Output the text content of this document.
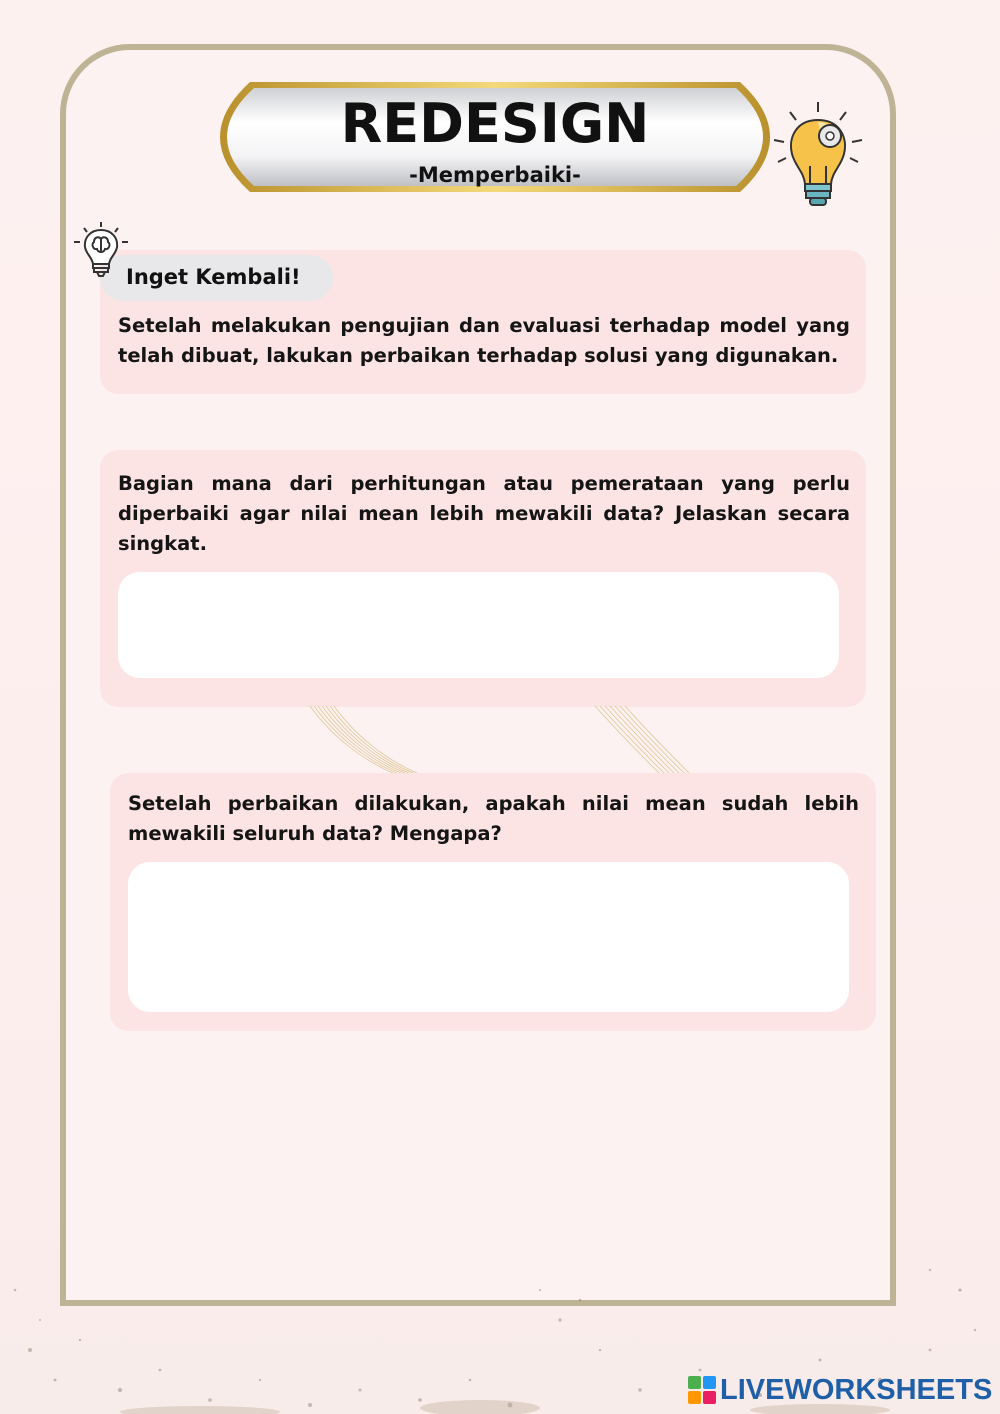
REDESIGN
-Memperbaiki-
Inget Kembali!

Setelah melakukan pengujian dan evaluasi terhadap model yang telah dibuat, lakukan perbaikan terhadap solusi yang digunakan.

Bagian mana dari perhitungan atau pemerataan yang perlu diperbaiki agar nilai mean lebih mewakili data? Jelaskan secara singkat.

Setelah perbaikan dilakukan, apakah nilai mean sudah lebih mewakili seluruh data? Mengapa?

LIVEWORKSHEETS
